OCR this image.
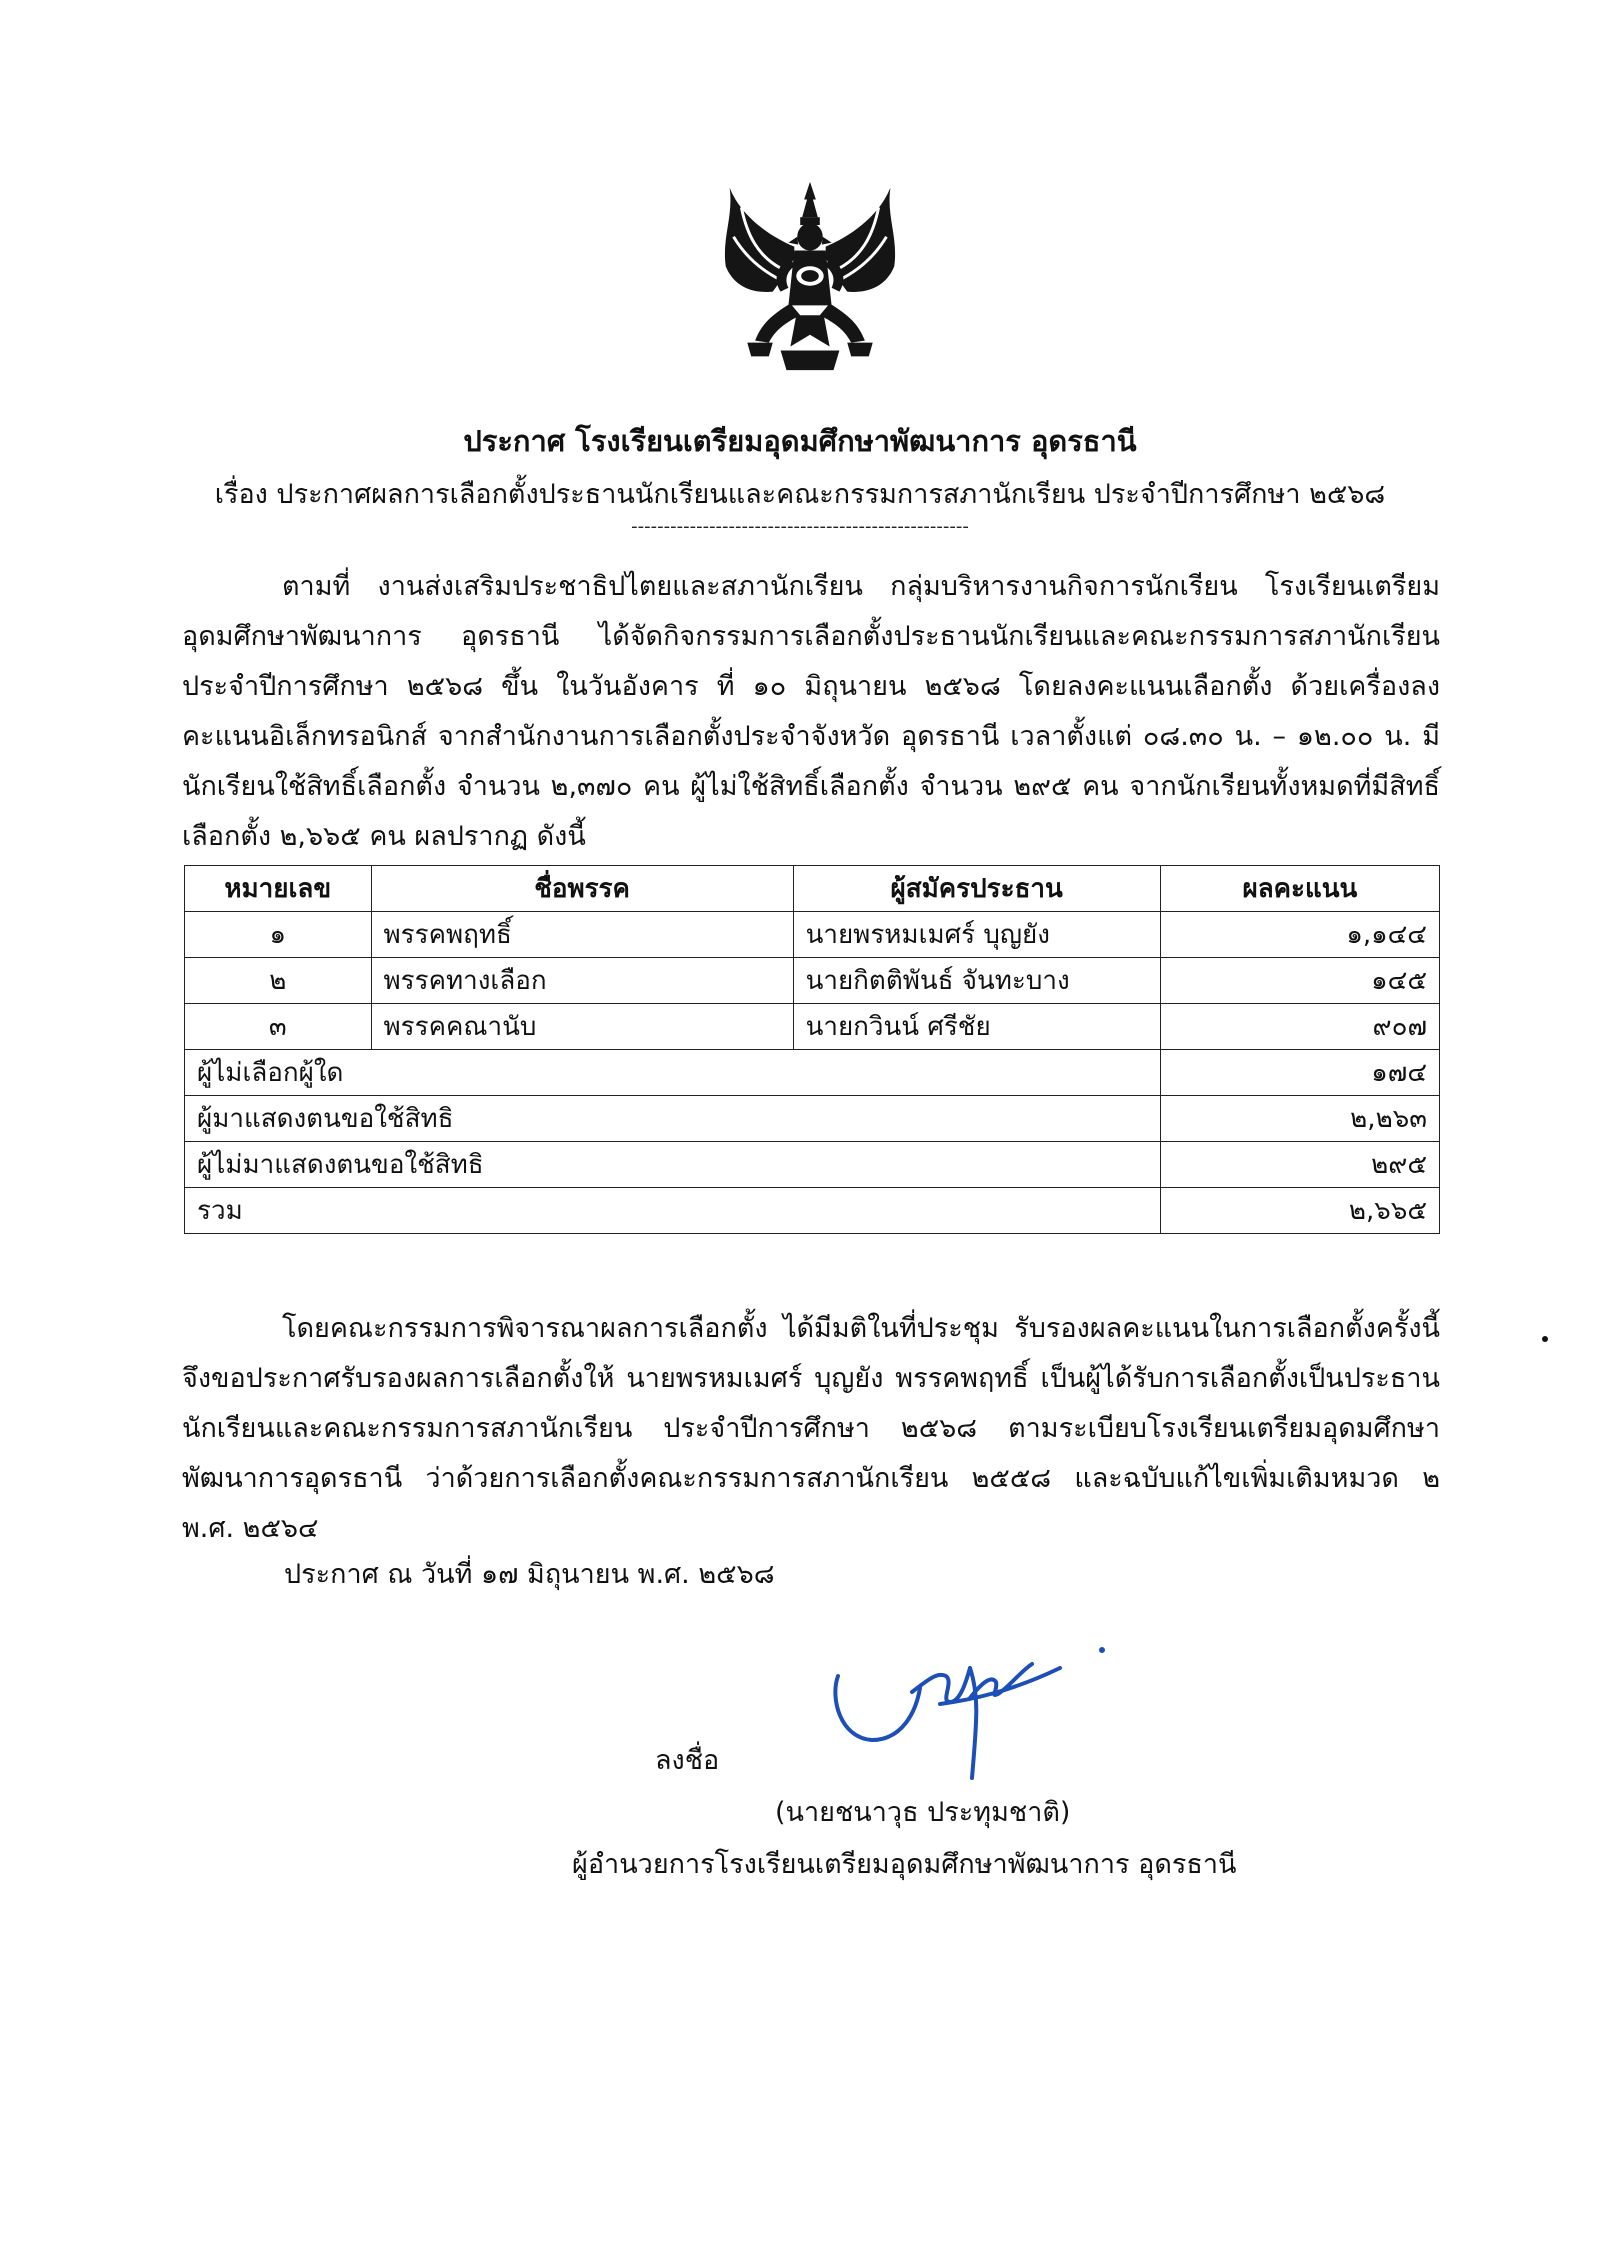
ประกาศ โรงเรียนเตรียมอุดมศึกษาพัฒนาการ อุดรธานี
เรื่อง ประกาศผลการเลือกตั้งประธานนักเรียนและคณะกรรมการสภานักเรียน ประจำปีการศึกษา ๒๕๖๘
----------------------------------------------------
ตามที่ งานส่งเสริมประชาธิปไตยและสภานักเรียน กลุ่มบริหารงานกิจการนักเรียน โรงเรียนเตรียมอุดมศึกษาพัฒนาการ อุดรธานี ได้จัดกิจกรรมการเลือกตั้งประธานนักเรียนและคณะกรรมการสภานักเรียน ประจำปีการศึกษา ๒๕๖๘ ขึ้น ในวันอังคาร ที่ ๑๐ มิถุนายน ๒๕๖๘ โดยลงคะแนนเลือกตั้ง ด้วยเครื่องลงคะแนนอิเล็กทรอนิกส์ จากสำนักงานการเลือกตั้งประจำจังหวัด อุดรธานี เวลาตั้งแต่ ๐๘.๓๐ น. – ๑๒.๐๐ น. มีนักเรียนใช้สิทธิ์เลือกตั้ง จำนวน ๒,๓๗๐ คน ผู้ไม่ใช้สิทธิ์เลือกตั้ง จำนวน ๒๙๕ คน จากนักเรียนทั้งหมดที่มีสิทธิ์เลือกตั้ง ๒,๖๖๕ คน ผลปรากฏ ดังนี้
หมายเลข	ชื่อพรรค	ผู้สมัครประธาน	ผลคะแนน
๑	พรรคพฤทธิ์	นายพรหมเมศร์ บุญยัง	๑,๑๔๔
๒	พรรคทางเลือก	นายกิตติพันธ์ จันทะบาง	๑๔๕
๓	พรรคคณานับ	นายกวินน์ ศรีชัย	๙๐๗
ผู้ไม่เลือกผู้ใด			๑๗๔
ผู้มาแสดงตนขอใช้สิทธิ			๒,๒๖๓
ผู้ไม่มาแสดงตนขอใช้สิทธิ			๒๙๕
รวม			๒,๖๖๕
โดยคณะกรรมการพิจารณาผลการเลือกตั้ง ได้มีมติในที่ประชุม รับรองผลคะแนนในการเลือกตั้งครั้งนี้ จึงขอประกาศรับรองผลการเลือกตั้งให้ นายพรหมเมศร์ บุญยัง พรรคพฤทธิ์ เป็นผู้ได้รับการเลือกตั้งเป็นประธานนักเรียนและคณะกรรมการสภานักเรียน ประจำปีการศึกษา ๒๕๖๘ ตามระเบียบโรงเรียนเตรียมอุดมศึกษาพัฒนาการอุดรธานี ว่าด้วยการเลือกตั้งคณะกรรมการสภานักเรียน ๒๕๕๘ และฉบับแก้ไขเพิ่มเติมหมวด ๒ พ.ศ. ๒๕๖๔
ประกาศ ณ วันที่ ๑๗ มิถุนายน พ.ศ. ๒๕๖๘
ลงชื่อ
(นายชนาวุธ ประทุมชาติ)
ผู้อำนวยการโรงเรียนเตรียมอุดมศึกษาพัฒนาการ อุดรธานี
